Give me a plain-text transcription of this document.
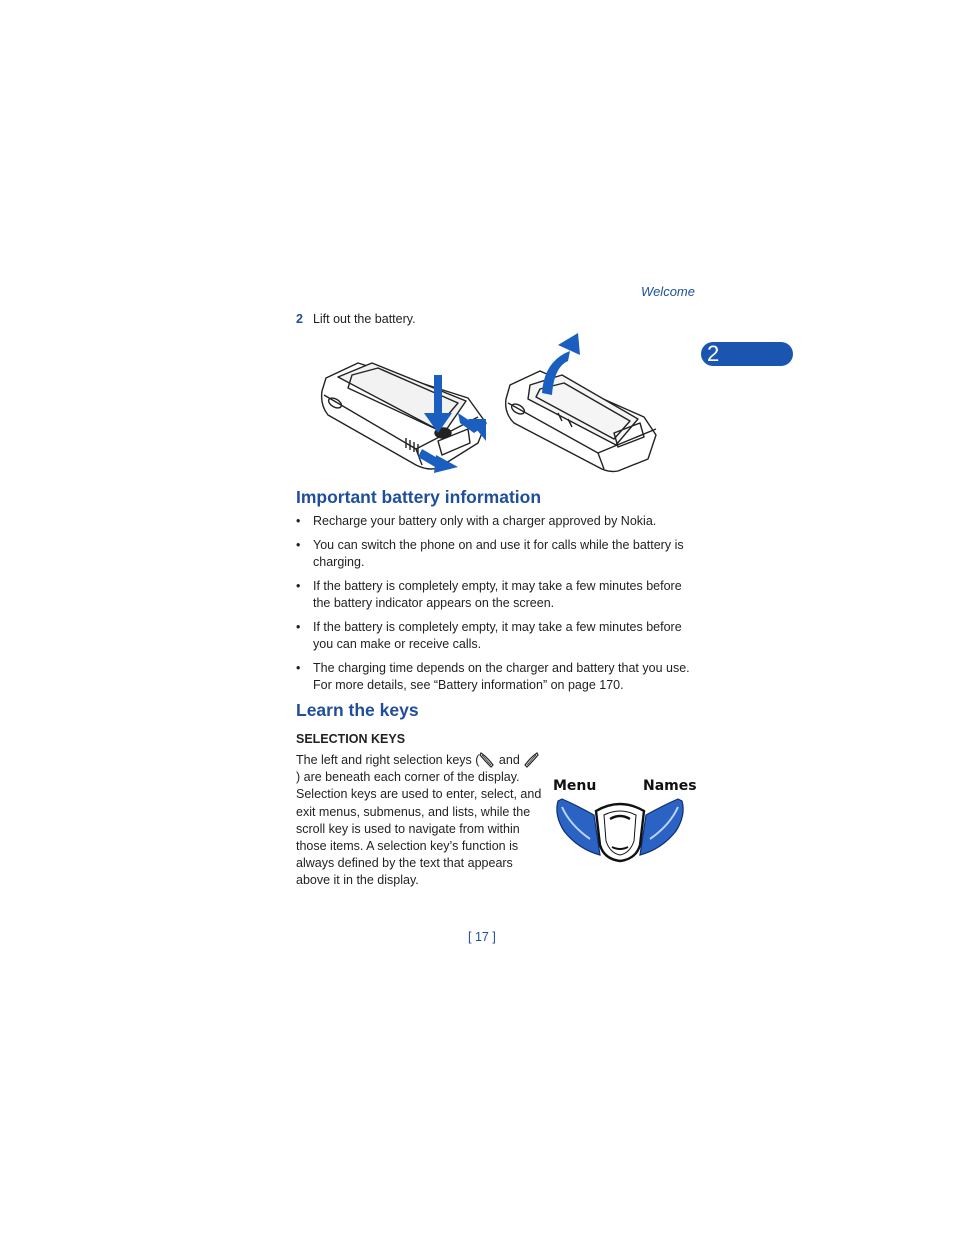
Welcome
2
2 Lift out the battery.
Important battery information
• Recharge your battery only with a charger approved by Nokia.
• You can switch the phone on and use it for calls while the battery is charging.
• If the battery is completely empty, it may take a few minutes before the battery indicator appears on the screen.
• If the battery is completely empty, it may take a few minutes before you can make or receive calls.
• The charging time depends on the charger and battery that you use. For more details, see “Battery information” on page 170.
Learn the keys
SELECTION KEYS
The left and right selection keys ( and ) are beneath each corner of the display. Selection keys are used to enter, select, and exit menus, submenus, and lists, while the scroll key is used to navigate from within those items. A selection key’s function is always defined by the text that appears above it in the display.
Menu	Names
[ 17 ]
